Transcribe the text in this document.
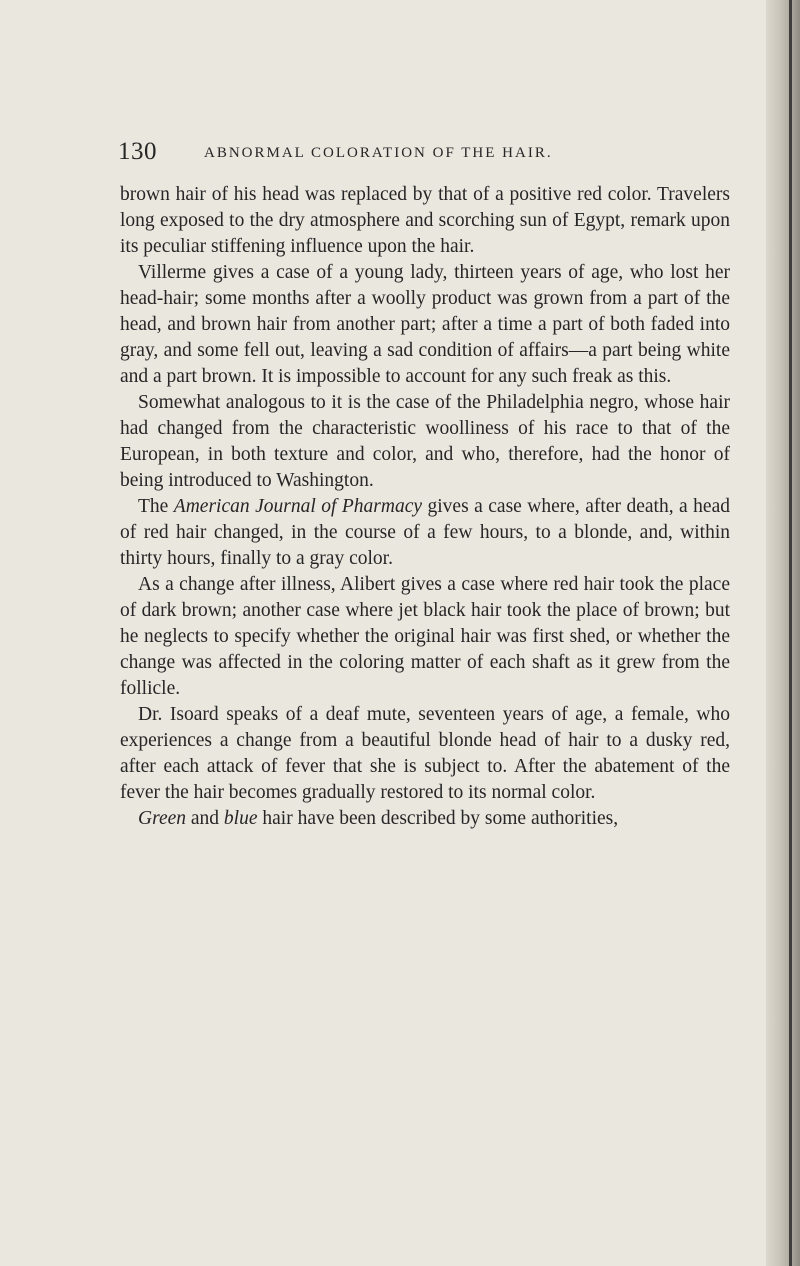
130	ABNORMAL COLORATION OF THE HAIR.

brown hair of his head was replaced by that of a positive red color. Travelers long exposed to the dry atmosphere and scorching sun of Egypt, remark upon its peculiar stiffening influence upon the hair.

Villerme gives a case of a young lady, thirteen years of age, who lost her head-hair; some months after a woolly product was grown from a part of the head, and brown hair from another part; after a time a part of both faded into gray, and some fell out, leaving a sad condition of affairs—a part being white and a part brown. It is impossible to account for any such freak as this.

Somewhat analogous to it is the case of the Philadelphia negro, whose hair had changed from the characteristic woolliness of his race to that of the European, in both texture and color, and who, therefore, had the honor of being introduced to Washington.

The American Journal of Pharmacy gives a case where, after death, a head of red hair changed, in the course of a few hours, to a blonde, and, within thirty hours, finally to a gray color.

As a change after illness, Alibert gives a case where red hair took the place of dark brown; another case where jet black hair took the place of brown; but he neglects to specify whether the original hair was first shed, or whether the change was affected in the coloring matter of each shaft as it grew from the follicle.

Dr. Isoard speaks of a deaf mute, seventeen years of age, a female, who experiences a change from a beautiful blonde head of hair to a dusky red, after each attack of fever that she is subject to. After the abatement of the fever the hair becomes gradually restored to its normal color.

Green and blue hair have been described by some authorities,
